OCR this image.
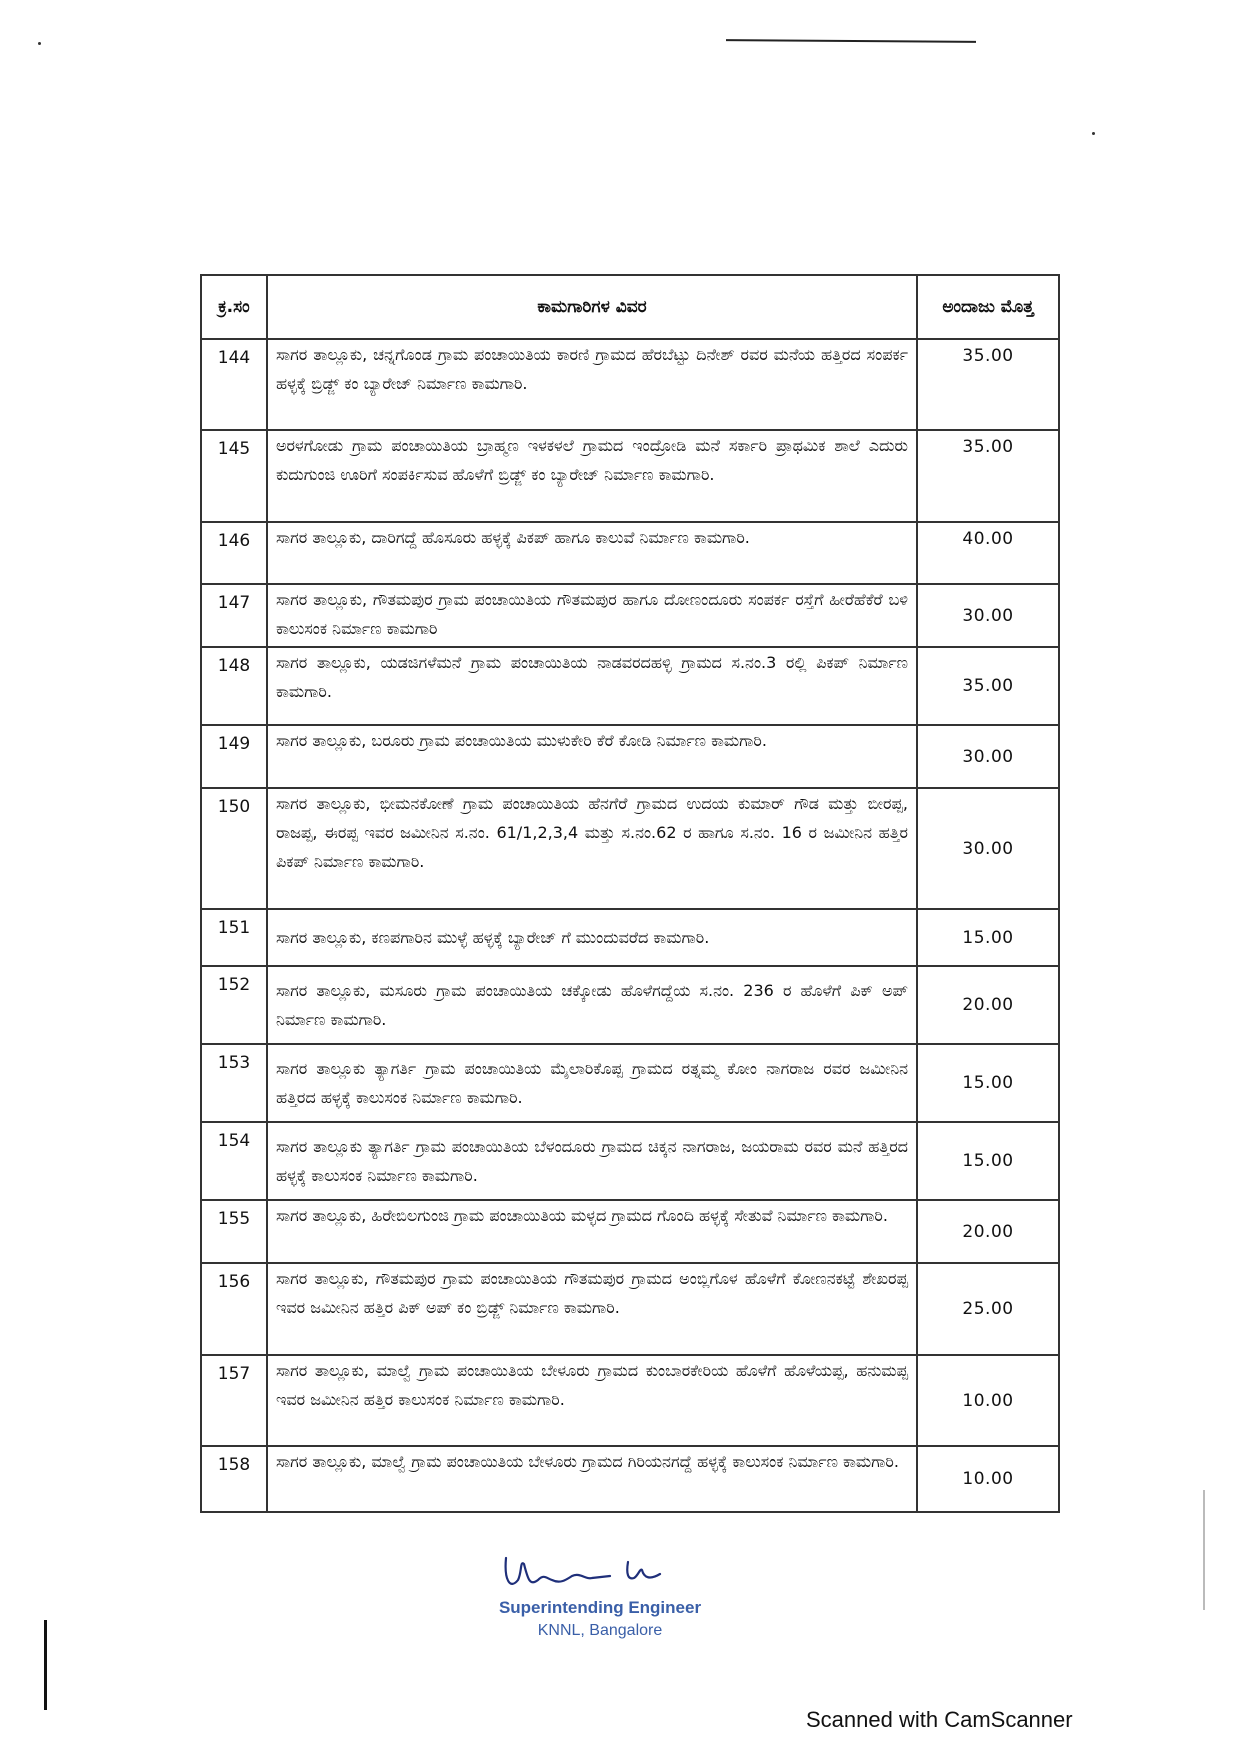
ಕ್ರ.ಸಂ	ಕಾಮಗಾರಿಗಳ ವಿವರ	ಅಂದಾಜು ಮೊತ್ತ
144	ಸಾಗರ ತಾಲ್ಲೂಕು, ಚನ್ನಗೊಂಡ ಗ್ರಾಮ ಪಂಚಾಯಿತಿಯ ಕಾರಣಿ ಗ್ರಾಮದ ಹೆರಬೆಟ್ಟು ದಿನೇಶ್ ರವರ ಮನೆಯ ಹತ್ತಿರದ ಸಂಪರ್ಕ ಹಳ್ಳಕ್ಕೆ ಬ್ರಿಡ್ಜ್ ಕಂ ಬ್ಯಾರೇಜ್ ನಿರ್ಮಾಣ ಕಾಮಗಾರಿ.	35.00
145	ಅರಳಗೋಡು ಗ್ರಾಮ ಪಂಚಾಯಿತಿಯ ಬ್ರಾಹ್ಮಣ ಇಳಕಳಲೆ ಗ್ರಾಮದ ಇಂದ್ರೋಡಿ ಮನೆ ಸರ್ಕಾರಿ ಪ್ರಾಥಮಿಕ ಶಾಲೆ ಎದುರು ಕುದುಗುಂಜಿ ಊರಿಗೆ ಸಂಪರ್ಕಿಸುವ ಹೊಳೆಗೆ ಬ್ರಿಡ್ಜ್ ಕಂ ಬ್ಯಾರೇಜ್ ನಿರ್ಮಾಣ ಕಾಮಗಾರಿ.	35.00
146	ಸಾಗರ ತಾಲ್ಲೂಕು, ದಾರಿಗದ್ದೆ ಹೊಸೂರು ಹಳ್ಳಕ್ಕೆ ಪಿಕಪ್ ಹಾಗೂ ಕಾಲುವೆ ನಿರ್ಮಾಣ ಕಾಮಗಾರಿ.	40.00
147	ಸಾಗರ ತಾಲ್ಲೂಕು, ಗೌತಮಪುರ ಗ್ರಾಮ ಪಂಚಾಯಿತಿಯ ಗೌತಮಪುರ ಹಾಗೂ ದೋಣಂದೂರು ಸಂಪರ್ಕ ರಸ್ತೆಗೆ ಹೀರೆಹೆಕೆರೆ ಬಳಿ ಕಾಲುಸಂಕ ನಿರ್ಮಾಣ ಕಾಮಗಾರಿ	30.00
148	ಸಾಗರ ತಾಲ್ಲೂಕು, ಯಡಜಿಗಳೆಮನೆ ಗ್ರಾಮ ಪಂಚಾಯಿತಿಯ ನಾಡವರದಹಳ್ಳಿ ಗ್ರಾಮದ ಸ.ನಂ.3 ರಲ್ಲಿ ಪಿಕಪ್ ನಿರ್ಮಾಣ ಕಾಮಗಾರಿ.	35.00
149	ಸಾಗರ ತಾಲ್ಲೂಕು, ಬರೂರು ಗ್ರಾಮ ಪಂಚಾಯಿತಿಯ ಮುಳುಕೇರಿ ಕೆರೆ ಕೋಡಿ ನಿರ್ಮಾಣ ಕಾಮಗಾರಿ.	30.00
150	ಸಾಗರ ತಾಲ್ಲೂಕು, ಭೀಮನಕೋಣೆ ಗ್ರಾಮ ಪಂಚಾಯಿತಿಯ ಹೆನಗೆರೆ ಗ್ರಾಮದ ಉದಯ ಕುಮಾರ್ ಗೌಡ ಮತ್ತು ಬೀರಪ್ಪ, ರಾಜಪ್ಪ, ಈರಪ್ಪ ಇವರ ಜಮೀನಿನ ಸ.ನಂ. 61/1,2,3,4 ಮತ್ತು ಸ.ನಂ.62 ರ ಹಾಗೂ ಸ.ನಂ. 16 ರ ಜಮೀನಿನ ಹತ್ತಿರ ಪಿಕಪ್ ನಿರ್ಮಾಣ ಕಾಮಗಾರಿ.	30.00
151	ಸಾಗರ ತಾಲ್ಲೂಕು, ಕಣಪಗಾರಿನ ಮುಳ್ಳೆ ಹಳ್ಳಕ್ಕೆ ಬ್ಯಾರೇಜ್ ಗೆ ಮುಂದುವರೆದ ಕಾಮಗಾರಿ.	15.00
152	ಸಾಗರ ತಾಲ್ಲೂಕು, ಮಸೂರು ಗ್ರಾಮ ಪಂಚಾಯಿತಿಯ ಚಕ್ಕೋಡು ಹೊಳೆಗದ್ದೆಯ ಸ.ನಂ. 236 ರ ಹೊಳೆಗೆ ಪಿಕ್ ಅಪ್ ನಿರ್ಮಾಣ ಕಾಮಗಾರಿ.	20.00
153	ಸಾಗರ ತಾಲ್ಲೂಕು ತ್ಯಾಗರ್ತಿ ಗ್ರಾಮ ಪಂಚಾಯಿತಿಯ ಮೈಲಾರಿಕೊಪ್ಪ ಗ್ರಾಮದ ರತ್ನಮ್ಮ ಕೋಂ ನಾಗರಾಜ ರವರ ಜಮೀನಿನ ಹತ್ತಿರದ ಹಳ್ಳಕ್ಕೆ ಕಾಲುಸಂಕ ನಿರ್ಮಾಣ ಕಾಮಗಾರಿ.	15.00
154	ಸಾಗರ ತಾಲ್ಲೂಕು ತ್ಯಾಗರ್ತಿ ಗ್ರಾಮ ಪಂಚಾಯಿತಿಯ ಬೆಳಂದೂರು ಗ್ರಾಮದ ಚಿಕ್ಕನ ನಾಗರಾಜ, ಜಯರಾಮ ರವರ ಮನೆ ಹತ್ತಿರದ ಹಳ್ಳಕ್ಕೆ ಕಾಲುಸಂಕ ನಿರ್ಮಾಣ ಕಾಮಗಾರಿ.	15.00
155	ಸಾಗರ ತಾಲ್ಲೂಕು, ಹಿರೇಬಿಲಗುಂಜಿ ಗ್ರಾಮ ಪಂಚಾಯಿತಿಯ ಮಳ್ಳದ ಗ್ರಾಮದ ಗೊಂದಿ ಹಳ್ಳಕ್ಕೆ ಸೇತುವೆ ನಿರ್ಮಾಣ ಕಾಮಗಾರಿ.	20.00
156	ಸಾಗರ ತಾಲ್ಲೂಕು, ಗೌತಮಪುರ ಗ್ರಾಮ ಪಂಚಾಯಿತಿಯ ಗೌತಮಪುರ ಗ್ರಾಮದ ಅಂಬ್ಲಿಗೊಳ ಹೊಳೆಗೆ ಕೋಣನಕಟ್ಟೆ ಶೇಖರಪ್ಪ ಇವರ ಜಮೀನಿನ ಹತ್ತಿರ ಪಿಕ್ ಅಪ್ ಕಂ ಬ್ರಿಡ್ಜ್ ನಿರ್ಮಾಣ ಕಾಮಗಾರಿ.	25.00
157	ಸಾಗರ ತಾಲ್ಲೂಕು, ಮಾಲ್ವೆ ಗ್ರಾಮ ಪಂಚಾಯಿತಿಯ ಬೇಳೂರು ಗ್ರಾಮದ ಕುಂಬಾರಕೇರಿಯ ಹೊಳೆಗೆ ಹೊಳೆಯಪ್ಪ, ಹನುಮಪ್ಪ ಇವರ ಜಮೀನಿನ ಹತ್ತಿರ ಕಾಲುಸಂಕ ನಿರ್ಮಾಣ ಕಾಮಗಾರಿ.	10.00
158	ಸಾಗರ ತಾಲ್ಲೂಕು, ಮಾಲ್ವೆ ಗ್ರಾಮ ಪಂಚಾಯಿತಿಯ ಬೇಳೂರು ಗ್ರಾಮದ ಗಿರಿಯನಗದ್ದೆ ಹಳ್ಳಕ್ಕೆ ಕಾಲುಸಂಕ ನಿರ್ಮಾಣ ಕಾಮಗಾರಿ.	10.00
Superintending Engineer
KNNL, Bangalore
Scanned with CamScanner
